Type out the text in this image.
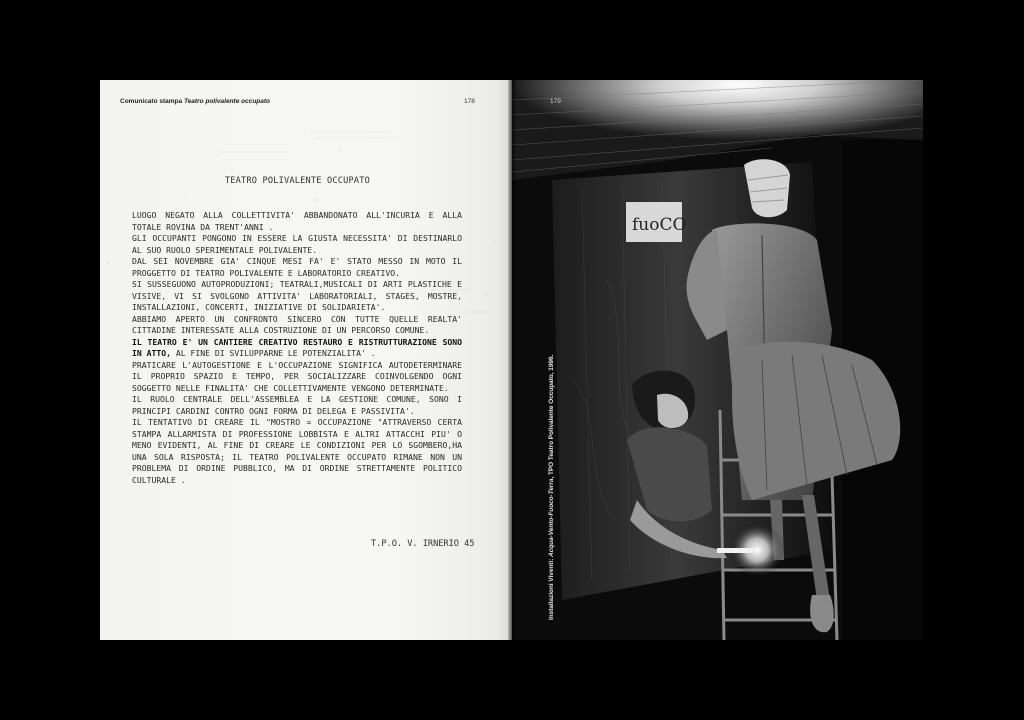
Comunicato stampa Teatro polivalente occupato	178
TEATRO POLIVALENTE OCCUPATO

LUOGO NEGATO ALLA COLLETTIVITA' ABBANDONATO ALL'INCURIA E ALLA TOTALE ROVINA DA TRENT'ANNI .

GLI OCCUPANTI PONGONO IN ESSERE LA GIUSTA NECESSITA' DI DESTINARLO AL SUO RUOLO SPERIMENTALE POLIVALENTE.

DAL SEI NOVEMBRE GIA' CINQUE MESI FA' E' STATO MESSO IN MOTO IL PROGGETTO DI TEATRO POLIVALENTE E LABORATORIO CREATIVO.

SI SUSSEGUONO AUTOPRODUZIONI; TEATRALI,MUSICALI DI ARTI PLASTICHE E VISIVE, VI SI SVOLGONO ATTIVITA' LABORATORIALI, STAGES, MOSTRE, INSTALLAZIONI, CONCERTI, INIZIATIVE DI SOLIDARIETA'.

ABBIAMO APERTO UN CONFRONTO SINCERO CON TUTTE QUELLE REALTA' CITTADINE INTERESSATE ALLA COSTRUZIONE DI UN PERCORSO COMUNE.

IL TEATRO E' UN CANTIERE CREATIVO RESTAURO E RISTRUTTURAZIONE SONO IN ATTO, AL FINE DI SVILUPPARNE LE POTENZIALITA' .

PRATICARE L'AUTOGESTIONE E L'OCCUPAZIONE SIGNIFICA AUTODETERMINARE IL PROPRIO SPAZIO E TEMPO, PER SOCIALIZZARE COINVOLGENDO OGNI SOGGETTO NELLE FINALITA' CHE COLLETTIVAMENTE VENGONO DETERMINATE.

IL RUOLO CENTRALE DELL'ASSEMBLEA E LA GESTIONE COMUNE, SONO I PRINCIPI CARDINI CONTRO OGNI FORMA DI DELEGA E PASSIVITA'.

IL TENTATIVO DI CREARE IL "MOSTRO = OCCUPAZIONE "ATTRAVERSO CERTA STAMPA ALLARMISTA DI PROFESSIONE LOBBISTA E ALTRI ATTACCHI PIU' O MENO EVIDENTI, AL FINE DI CREARE LE CONDIZIONI PER LO SGOMBERO,HA UNA SOLA RISPOSTA; IL TEATRO POLIVALENTE OCCUPATO RIMANE NON UN PROBLEMA DI ORDINE PUBBLICO, MA DI ORDINE STRETTAMENTE POLITICO CULTURALE .

T.P.O. V. IRNERIO 45
fuoCO
179
Installazioni Viventi: Acqua-Vento-Fuoco-Terra, TPO Teatro Polivalente Occupato, 1996.
